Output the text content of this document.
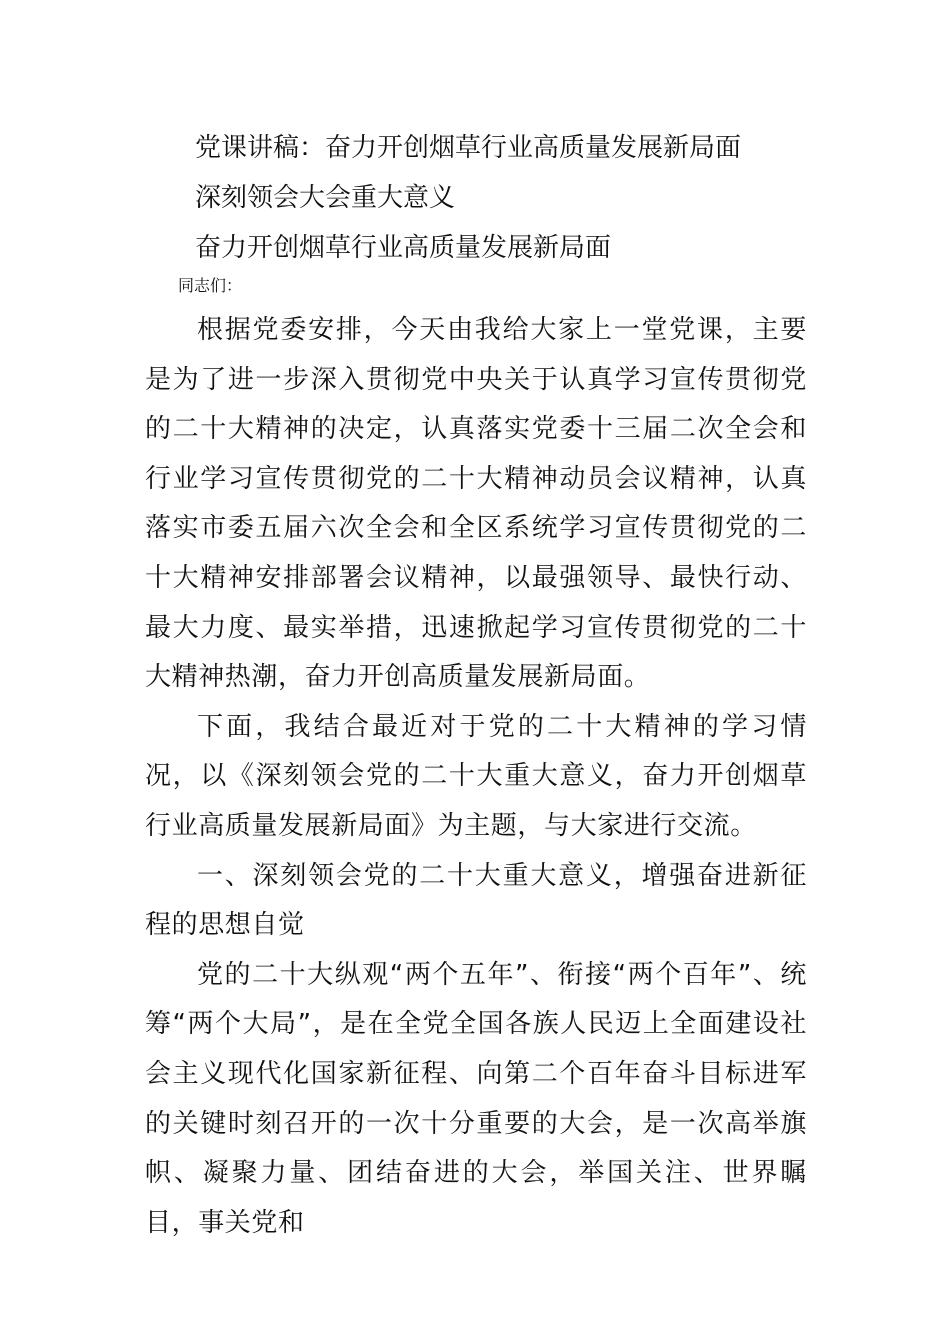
党课讲稿：奋力开创烟草行业高质量发展新局面
深刻领会大会重大意义
奋力开创烟草行业高质量发展新局面
同志们：

根据党委安排，今天由我给大家上一堂党课，主要是为了进一步深入贯彻党中央关于认真学习宣传贯彻党的二十大精神的决定，认真落实党委十三届二次全会和行业学习宣传贯彻党的二十大精神动员会议精神，认真落实市委五届六次全会和全区系统学习宣传贯彻党的二十大精神安排部署会议精神，以最强领导、最快行动、最大力度、最实举措，迅速掀起学习宣传贯彻党的二十大精神热潮，奋力开创高质量发展新局面。

下面，我结合最近对于党的二十大精神的学习情况，以《深刻领会党的二十大重大意义，奋力开创烟草行业高质量发展新局面》为主题，与大家进行交流。

一、深刻领会党的二十大重大意义，增强奋进新征程的思想自觉

党的二十大纵观“两个五年”、衔接“两个百年”、统筹“两个大局”，是在全党全国各族人民迈上全面建设社会主义现代化国家新征程、向第二个百年奋斗目标进军的关键时刻召开的一次十分重要的大会，是一次高举旗帜、凝聚力量、团结奋进的大会，举国关注、世界瞩目，事关党和
